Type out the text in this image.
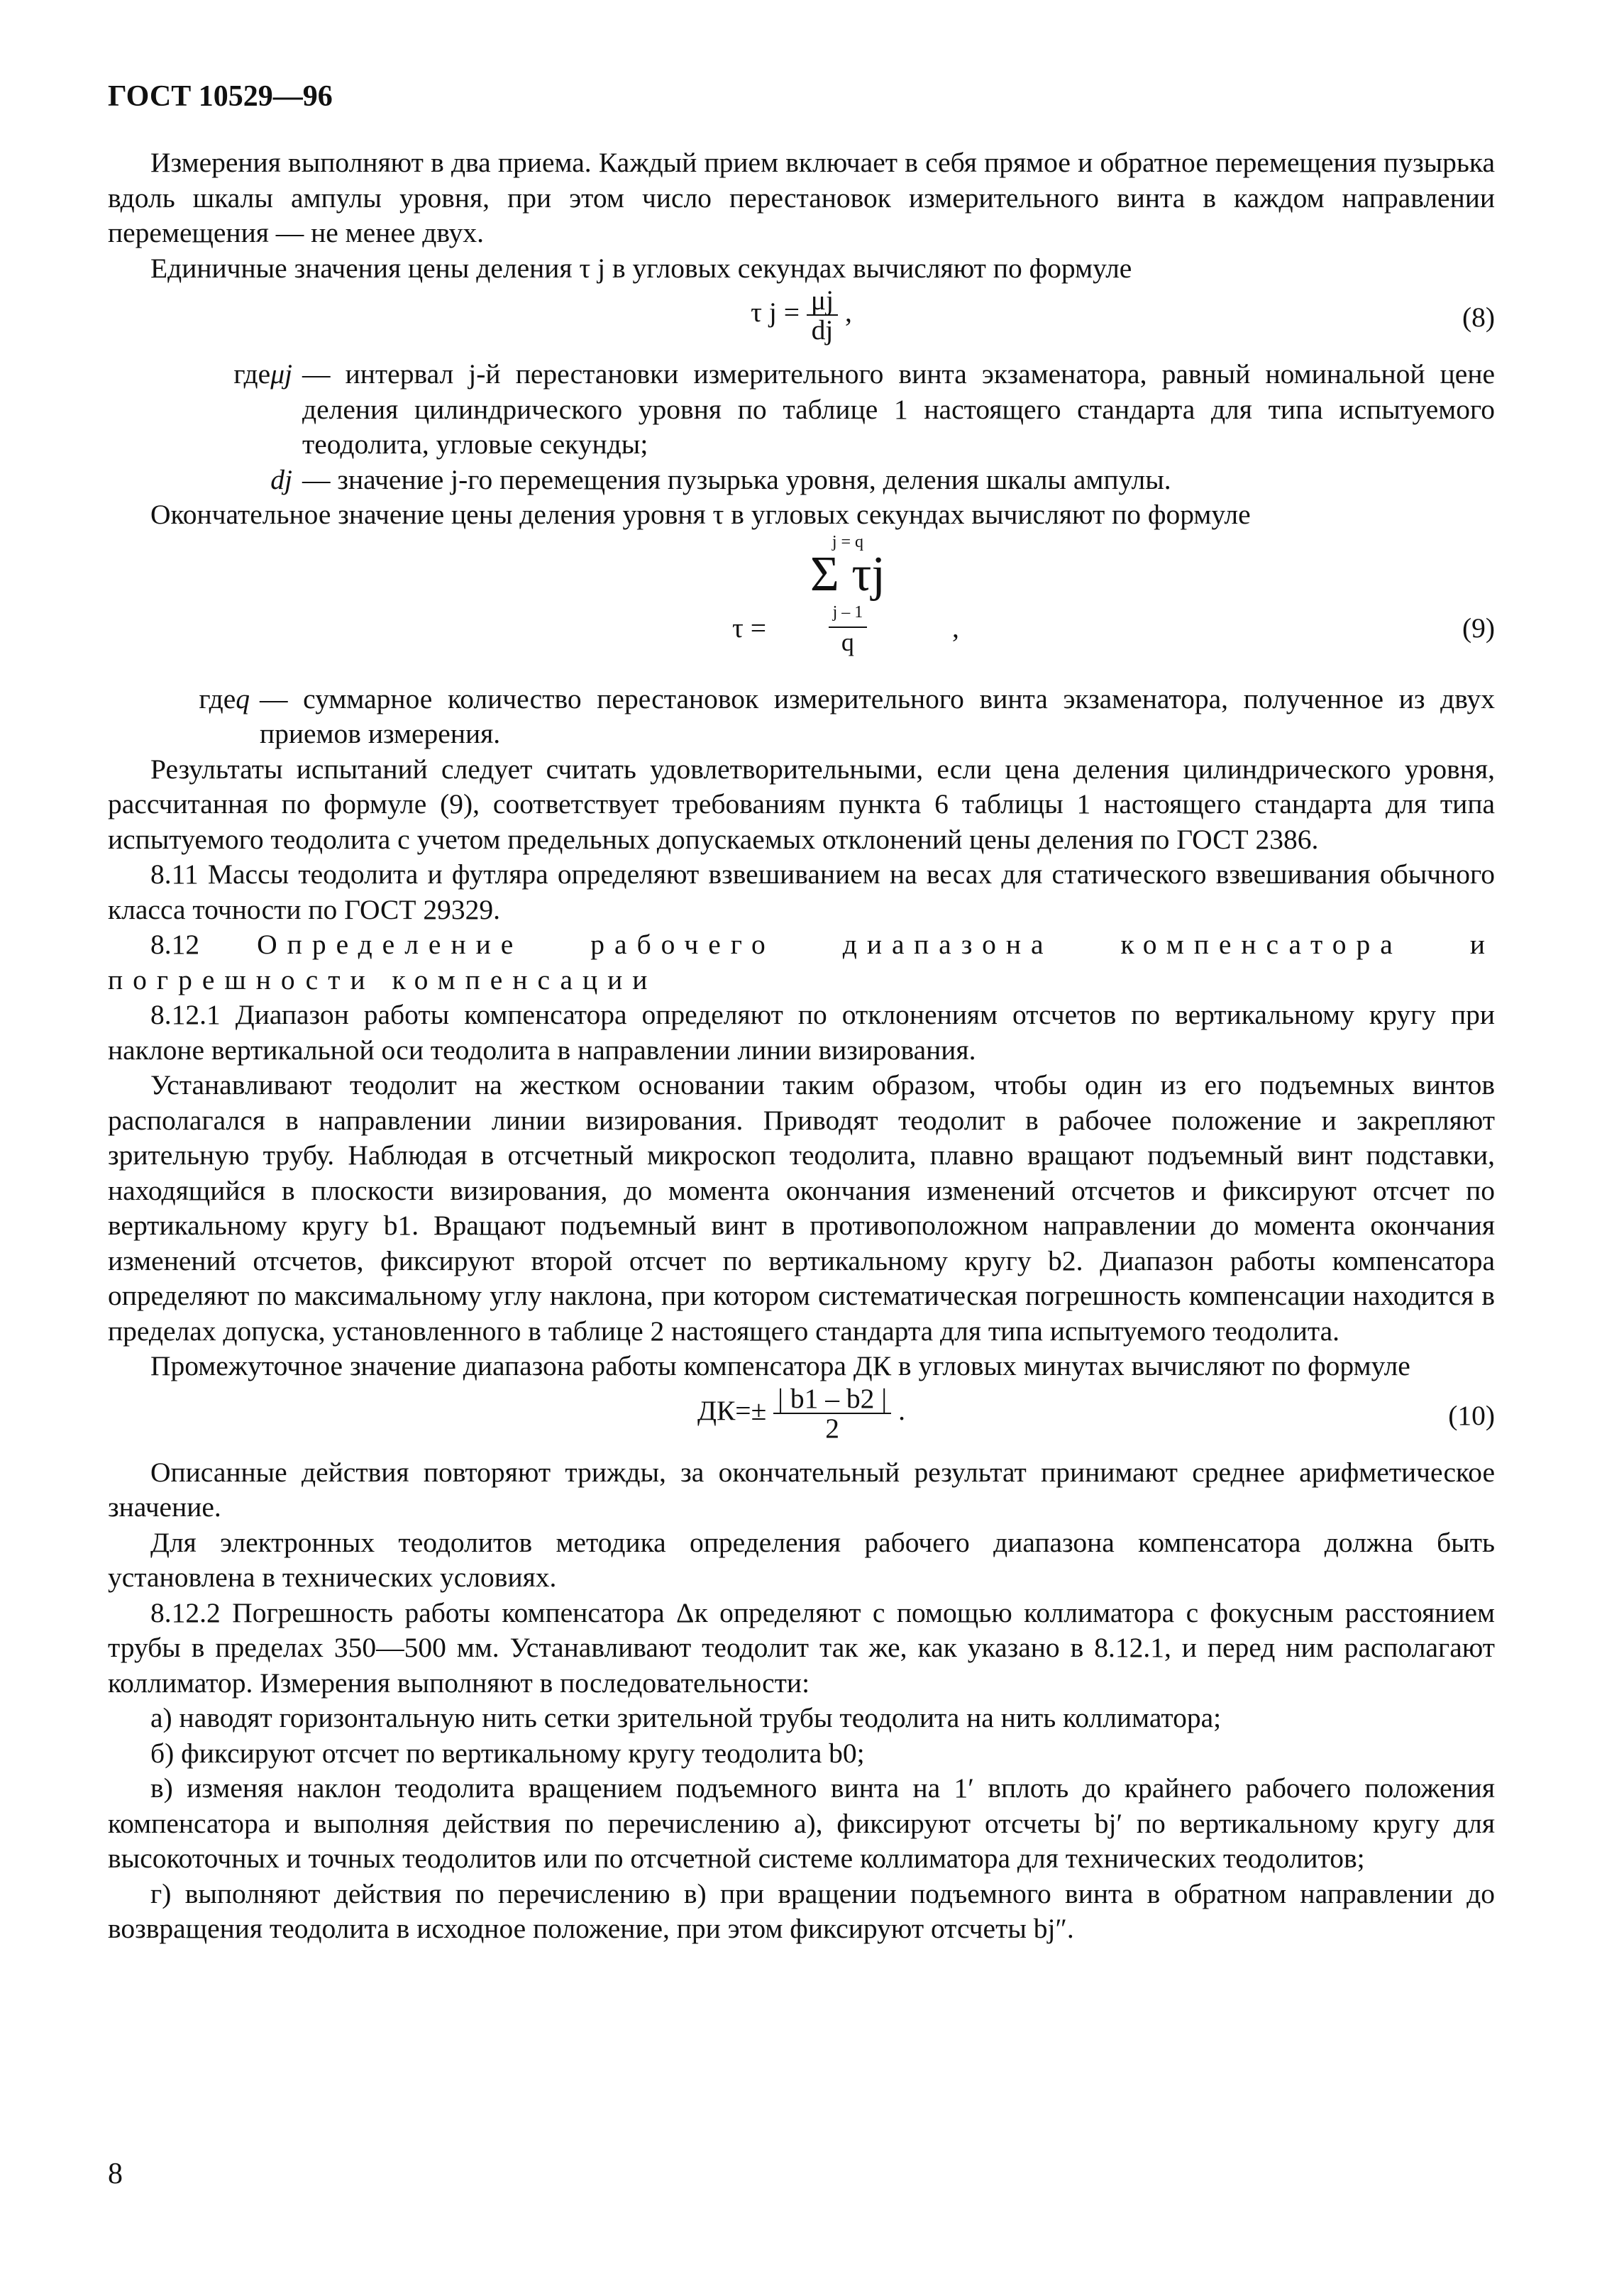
ГОСТ 10529—96

Измерения выполняют в два приема. Каждый прием включает в себя прямое и обратное перемещения пузырька вдоль шкалы ампулы уровня, при этом число перестановок измерительного винта в каждом направлении перемещения — не менее двух.

Единичные значения цены деления τ j в угловых секундах вычисляют по формуле

τ $j = \frac{\mu j}{dj}$ ,	(8)
гдеμj — интервал j-й перестановки измерительного винта экзаменатора, равный номинальной цене деления цилиндрического уровня по таблице 1 настоящего стандарта для типа испытуемого теодолита, угловые секунды;
dj — значение j-го перемещения пузырька уровня, деления шкалы ампулы.

Окончательное значение цены деления уровня τ в угловых секундах вычисляют по формуле

j = q
Σ τj
$\frac{j - 1}{q}$
τ =	,	(9)
гдеq — суммарное количество перестановок измерительного винта экзаменатора, полученное из двух приемов измерения.

Результаты испытаний следует считать удовлетворительными, если цена деления цилиндрического уровня, рассчитанная по формуле (9), соответствует требованиям пункта 6 таблицы 1 настоящего стандарта для типа испытуемого теодолита с учетом предельных допускаемых отклонений цены деления по ГОСТ 2386.

8.11 Массы теодолита и футляра определяют взвешиванием на весах для статического взвешивания обычного класса точности по ГОСТ 29329.

8.12 Определение рабочего диапазона компенсатора и погрешности компенсации

8.12.1 Диапазон работы компенсатора определяют по отклонениям отсчетов по вертикальному кругу при наклоне вертикальной оси теодолита в направлении линии визирования.

Устанавливают теодолит на жестком основании таким образом, чтобы один из его подъемных винтов располагался в направлении линии визирования. Приводят теодолит в рабочее положение и закрепляют зрительную трубу. Наблюдая в отсчетный микроскоп теодолита, плавно вращают подъемный винт подставки, находящийся в плоскости визирования, до момента окончания изменений отсчетов и фиксируют отсчет по вертикальному кругу b1. Вращают подъемный винт в противоположном направлении до момента окончания изменений отсчетов, фиксируют второй отсчет по вертикальному кругу b2. Диапазон работы компенсатора определяют по максимальному углу наклона, при котором систематическая погрешность компенсации находится в пределах допуска, установленного в таблице 2 настоящего стандарта для типа испытуемого теодолита.

Промежуточное значение диапазона работы компенсатора ДК в угловых минутах вычисляют по формуле

$ДК=\pm \frac{| b1 - b2 |}{2}$ .	(10)

Описанные действия повторяют трижды, за окончательный результат принимают среднее арифметическое значение.

Для электронных теодолитов методика определения рабочего диапазона компенсатора должна быть установлена в технических условиях.

8.12.2 Погрешность работы компенсатора Δк определяют с помощью коллиматора с фокусным расстоянием трубы в пределах 350—500 мм. Устанавливают теодолит так же, как указано в 8.12.1, и перед ним располагают коллиматор. Измерения выполняют в последовательности:

а) наводят горизонтальную нить сетки зрительной трубы теодолита на нить коллиматора;

б) фиксируют отсчет по вертикальному кругу теодолита b0;

в) изменяя наклон теодолита вращением подъемного винта на 1′ вплоть до крайнего рабочего положения компенсатора и выполняя действия по перечислению а), фиксируют отсчеты bj′ по вертикальному кругу для высокоточных и точных теодолитов или по отсчетной системе коллиматора для технических теодолитов;

г) выполняют действия по перечислению в) при вращении подъемного винта в обратном направлении до возвращения теодолита в исходное положение, при этом фиксируют отсчеты bj″.

8
